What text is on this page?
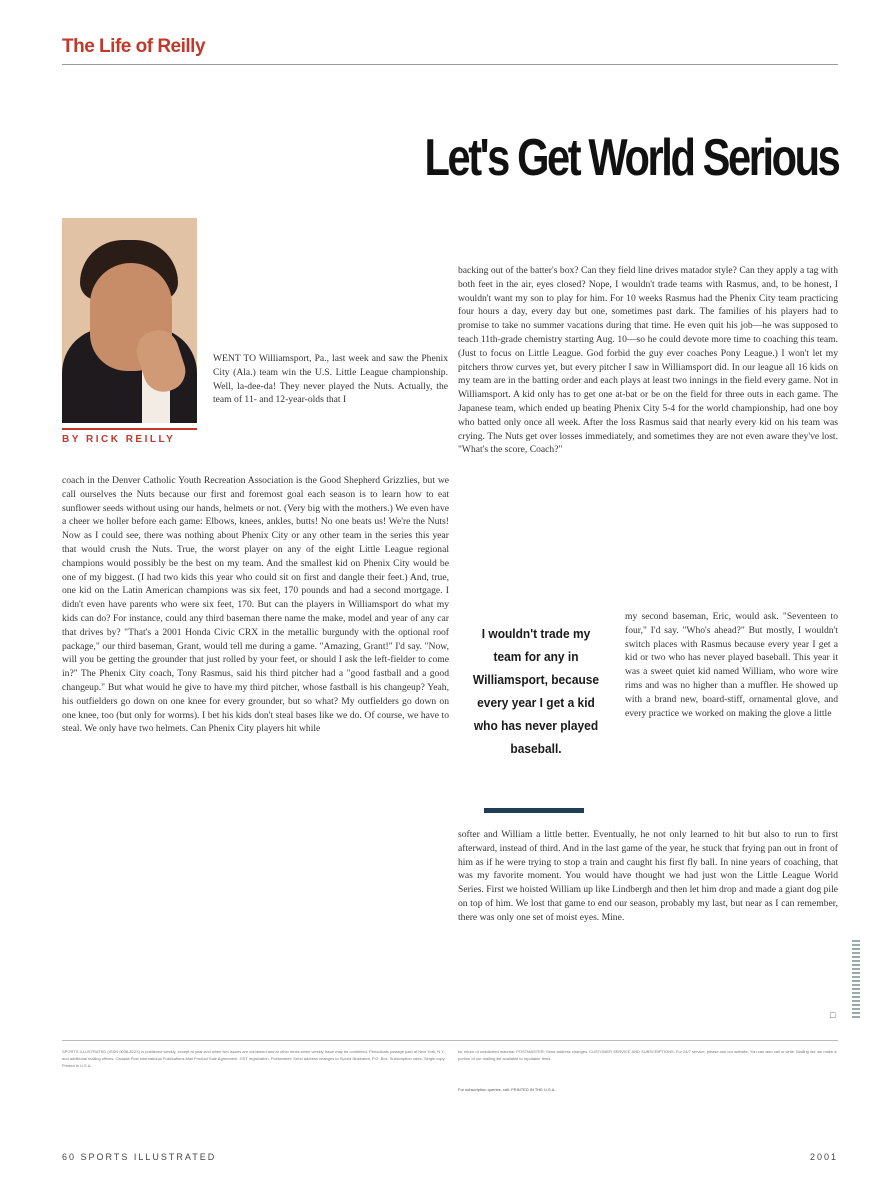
The Life of Reilly
Let's Get World Serious
BY RICK REILLY

WENT TO Williamsport, Pa., last week and saw the Phenix City (Ala.) team win the U.S. Little League championship. Well, la-dee-da! They never played the Nuts. Actually, the team of 11- and 12-year-olds that I

coach in the Denver Catholic Youth Recreation Association is the Good Shepherd Grizzlies, but we call ourselves the Nuts because our first and foremost goal each season is to learn how to eat sunflower seeds without using our hands, helmets or not. (Very big with the mothers.) We even have a cheer we holler before each game: Elbows, knees, ankles, butts! No one beats us! We're the Nuts! Now as I could see, there was nothing about Phenix City or any other team in the series this year that would crush the Nuts. True, the worst player on any of the eight Little League regional champions would possibly be the best on my team. And the smallest kid on Phenix City would be one of my biggest. (I had two kids this year who could sit on first and dangle their feet.) And, true, one kid on the Latin American champions was six feet, 170 pounds and had a second mortgage. I didn't even have parents who were six feet, 170. But can the players in Williamsport do what my kids can do? For instance, could any third baseman there name the make, model and year of any car that drives by? "That's a 2001 Honda Civic CRX in the metallic burgundy with the optional roof package," our third baseman, Grant, would tell me during a game. "Amazing, Grant!" I'd say. "Now, will you be getting the grounder that just rolled by your feet, or should I ask the left-fielder to come in?" The Phenix City coach, Tony Rasmus, said his third pitcher had a "good fastball and a good changeup." But what would he give to have my third pitcher, whose fastball is his changeup? Yeah, his outfielders go down on one knee for every grounder, but so what? My outfielders go down on one knee, too (but only for worms). I bet his kids don't steal bases like we do. Of course, we have to steal. We only have two helmets. Can Phenix City players hit while

backing out of the batter's box? Can they field line drives matador style? Can they apply a tag with both feet in the air, eyes closed? Nope, I wouldn't trade teams with Rasmus, and, to be honest, I wouldn't want my son to play for him. For 10 weeks Rasmus had the Phenix City team practicing four hours a day, every day but one, sometimes past dark. The families of his players had to promise to take no summer vacations during that time. He even quit his job—he was supposed to teach 11th-grade chemistry starting Aug. 10—so he could devote more time to coaching this team. (Just to focus on Little League. God forbid the guy ever coaches Pony League.) I won't let my pitchers throw curves yet, but every pitcher I saw in Williamsport did. In our league all 16 kids on my team are in the batting order and each plays at least two innings in the field every game. Not in Williamsport. A kid only has to get one at-bat or be on the field for three outs in each game. The Japanese team, which ended up beating Phenix City 5-4 for the world championship, had one boy who batted only once all week. After the loss Rasmus said that nearly every kid on his team was crying. The Nuts get over losses immediately, and sometimes they are not even aware they've lost. "What's the score, Coach?"

my second baseman, Eric, would ask. "Seventeen to four," I'd say. "Who's ahead?" But mostly, I wouldn't switch places with Rasmus because every year I get a kid or two who has never played baseball. This year it was a sweet quiet kid named William, who wore wire rims and was no higher than a muffler. He showed up with a brand new, board-stiff, ornamental glove, and every practice we worked on making the glove a little

softer and William a little better. Eventually, he not only learned to hit but also to run to first afterward, instead of third. And in the last game of the year, he stuck that frying pan out in front of him as if he were trying to stop a train and caught his first fly ball. In nine years of coaching, that was my favorite moment. You would have thought we had just won the Little League World Series. First we hoisted William up like Lindbergh and then let him drop and made a giant dog pile on top of him. We lost that game to end our season, probably my last, but near as I can remember, there was only one set of moist eyes. Mine.

I wouldn't trade my team for any in Williamsport, because every year I get a kid who has never played baseball.
□

SPORTS ILLUSTRATED (ISSN 0038-822X) is published weekly, except at year-end when two issues are combined and at other times when weekly issue may be combined. Periodicals postage paid at New York, N.Y., and additional mailing offices. Canada Post International Publications Mail Product Sale Agreement. GST registration. Postmaster: Send address changes to Sports Illustrated, P.O. Box. Subscription rates. Single copy. Printed in U.S.A.

for return of unsolicited material. POSTMASTER: Send address changes. CUSTOMER SERVICE AND SUBSCRIPTIONS: For 24/7 service, please use our website. You can also call or write. Mailing list: we make a portion of our mailing list available to reputable firms.

For subscription queries, call: PRINTED IN THE U.S.A.

60 SPORTS ILLUSTRATED	2001
